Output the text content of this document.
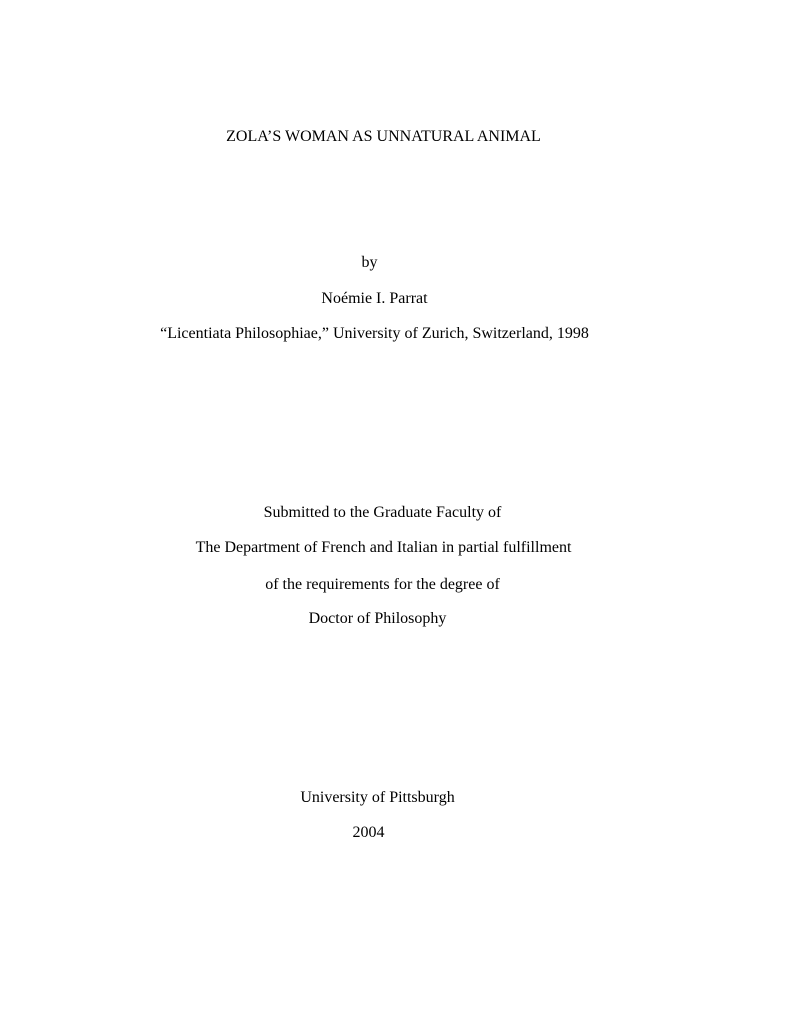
ZOLA’S WOMAN AS UNNATURAL ANIMAL
by
Noémie I. Parrat
“Licentiata Philosophiae,” University of Zurich, Switzerland, 1998
Submitted to the Graduate Faculty of
The Department of French and Italian in partial fulfillment
of the requirements for the degree of
Doctor of Philosophy
University of Pittsburgh
2004
